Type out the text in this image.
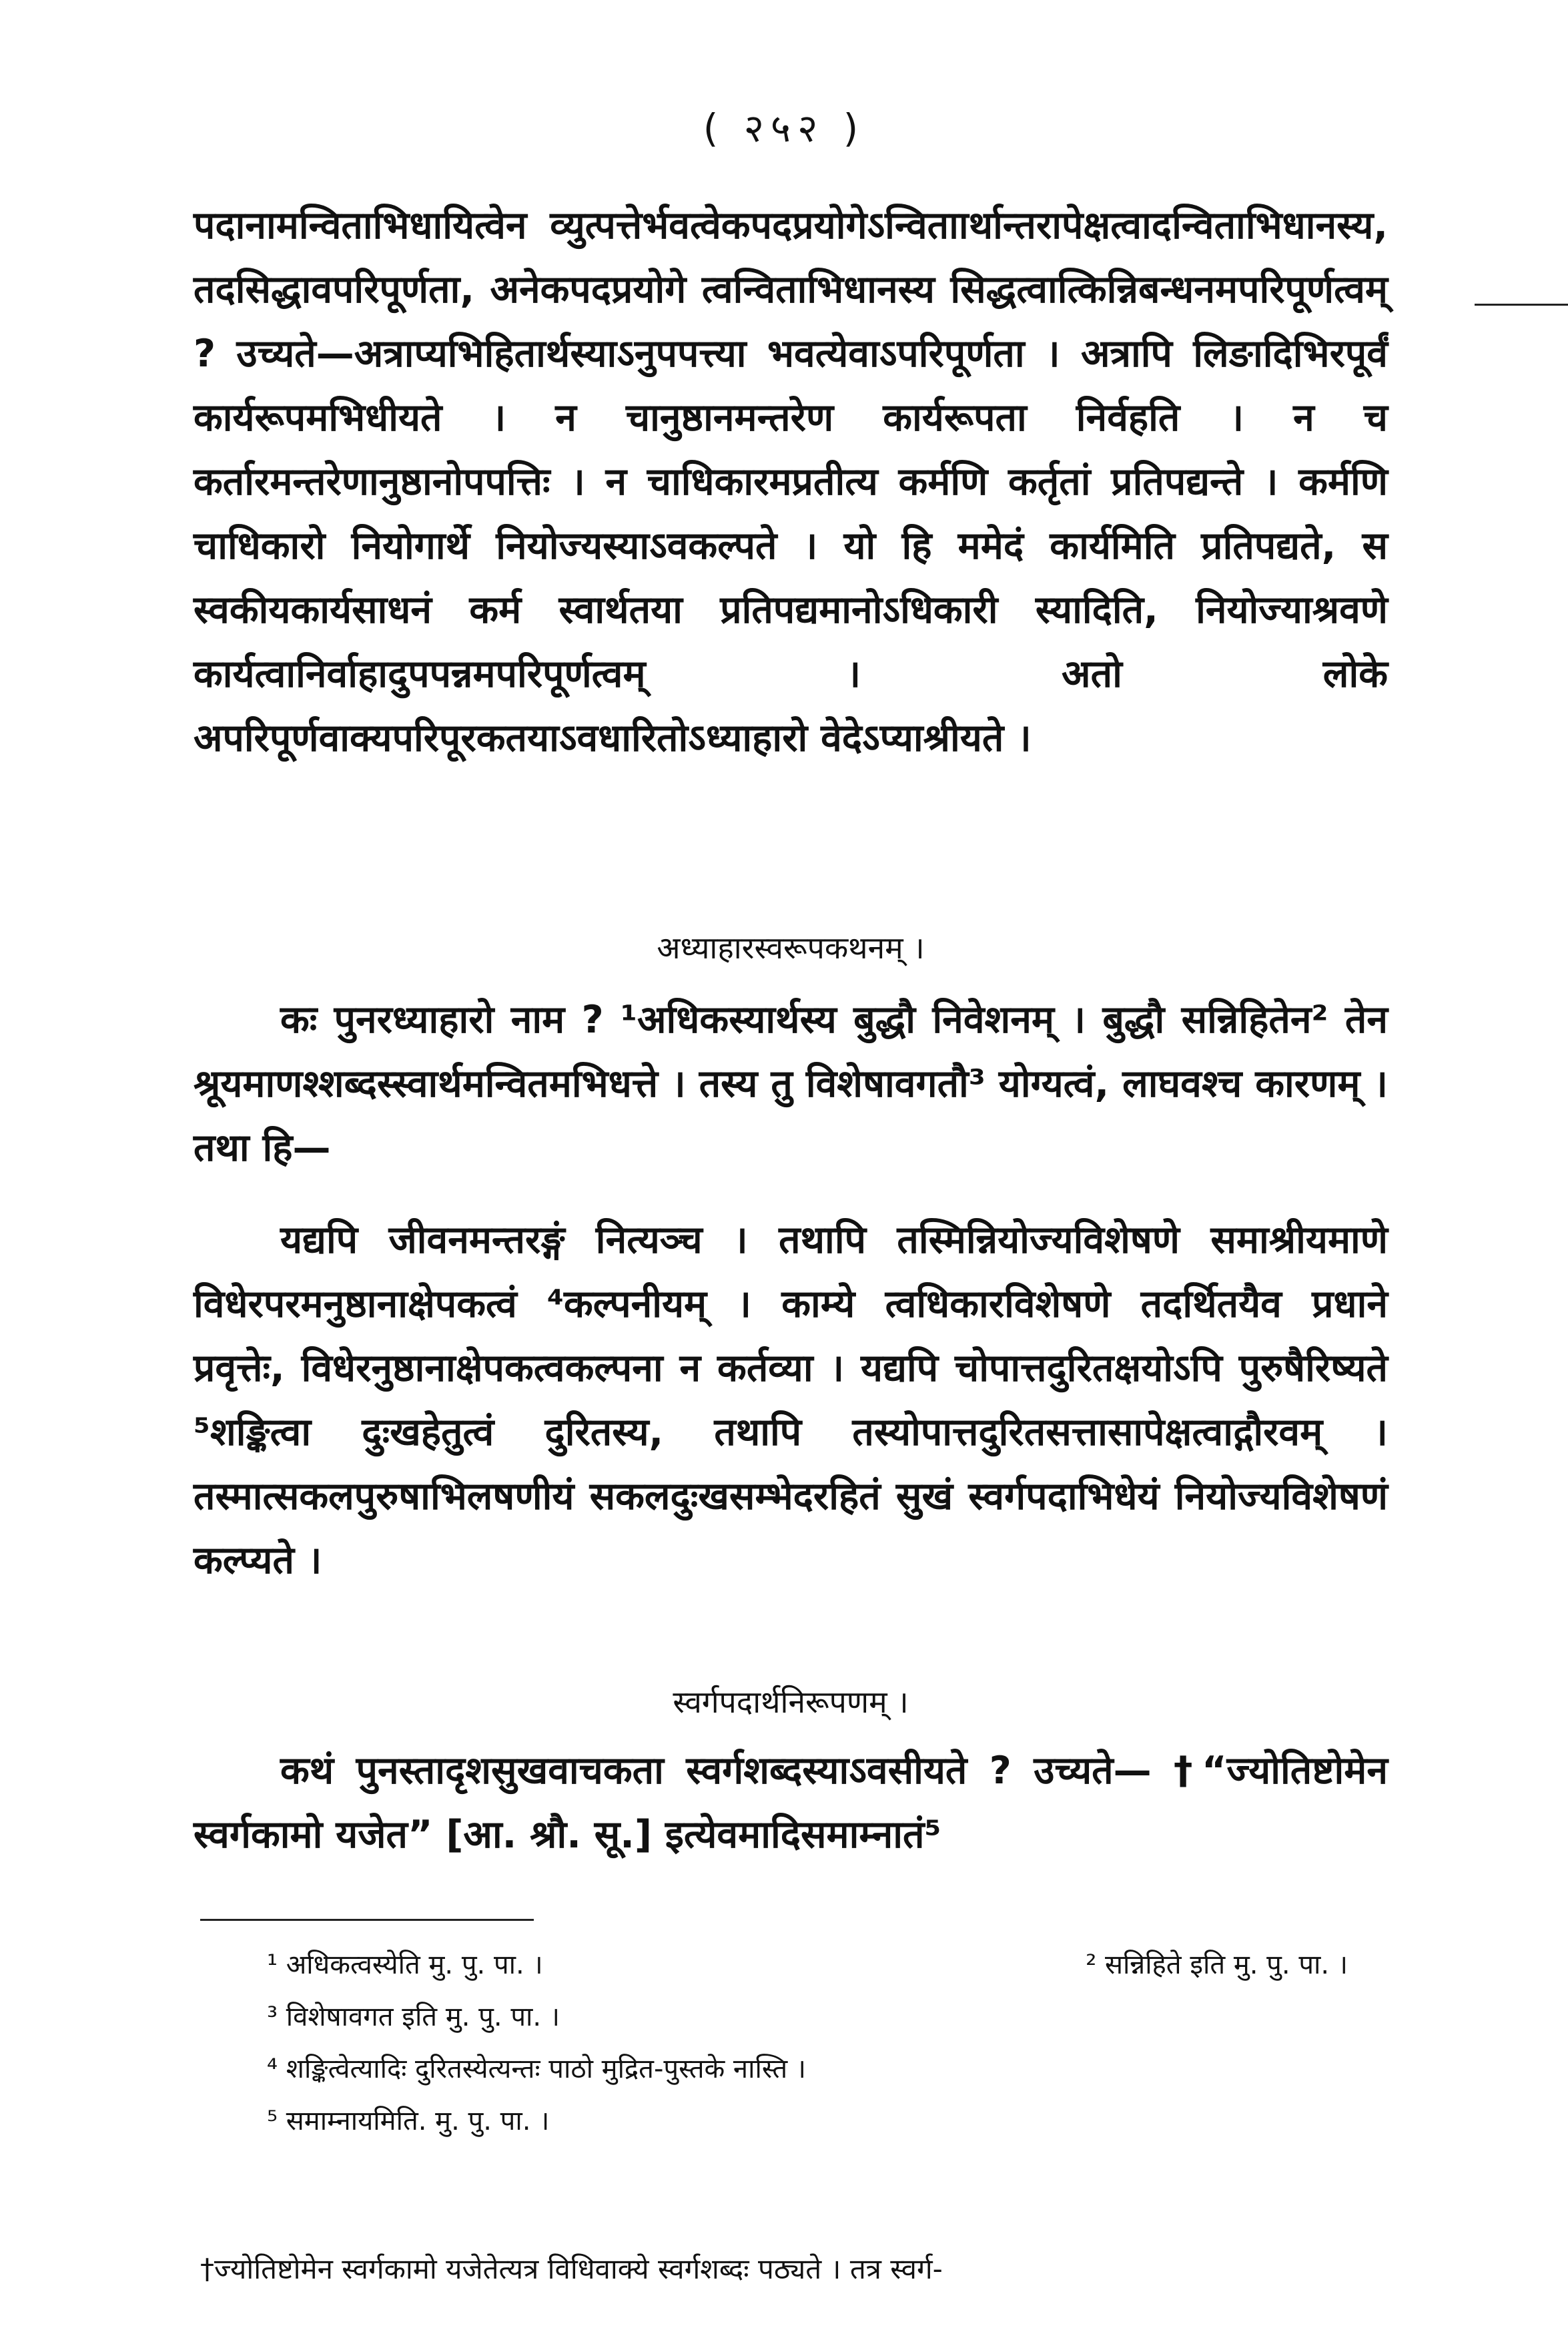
( २५२ )

पदानामन्विताभिधायित्वेन व्युत्पत्तेर्भवत्वेकपदप्रयोगेऽन्विताार्थान्तरापेक्षत्वादन्विताभिधानस्य, तदसिद्धावपरिपूर्णता, अनेकपदप्रयोगे त्वन्विताभिधानस्य सिद्धत्वात्किन्निबन्धनमपरिपूर्णत्वम् ? उच्यते—अत्राप्यभिहितार्थस्याऽनुपपत्त्या भवत्येवाऽपरिपूर्णता । अत्रापि लिङादिभिरपूर्वं कार्यरूपमभिधीयते । न चानुष्ठानमन्तरेण कार्यरूपता निर्वहति । न च कर्तारमन्तरेणानुष्ठानोपपत्तिः । न चाधिकारमप्रतीत्य कर्मणि कर्तृतां प्रतिपद्यन्ते । कर्मणि चाधिकारो नियोगार्थे नियोज्यस्याऽवकल्पते । यो हि ममेदं कार्यमिति प्रतिपद्यते, स स्वकीयकार्यसाधनं कर्म स्वार्थतया प्रतिपद्यमानोऽधिकारी स्यादिति, नियोज्याश्रवणे कार्यत्वानिर्वाहादुपपन्नमपरिपूर्णत्वम् । अतो लोके अपरिपूर्णवाक्यपरिपूरकतयाऽवधारितोऽध्याहारो वेदेऽप्याश्रीयते ।

अध्याहारस्वरूपकथनम् ।

कः पुनरध्याहारो नाम ? ¹अधिकस्यार्थस्य बुद्धौ निवेशनम् । बुद्धौ सन्निहितेन² तेन श्रूयमाणश्शब्दस्स्वार्थमन्वितमभिधत्ते । तस्य तु विशेषावगतौ³ योग्यत्वं, लाघवश्च कारणम् । तथा हि—

यद्यपि जीवनमन्तरङ्गं नित्यञ्च । तथापि तस्मिन्नियोज्यविशेषणे समाश्रीयमाणे विधेरपरमनुष्ठानाक्षेपकत्वं ⁴कल्पनीयम् । काम्ये त्वधिकारविशेषणे तदर्थितयैव प्रधाने प्रवृत्तेः, विधेरनुष्ठानाक्षेपकत्वकल्पना न कर्तव्या । यद्यपि चोपात्तदुरितक्षयोऽपि पुरुषैरिष्यते ⁵शङ्कित्वा दुःखहेतुत्वं दुरितस्य, तथापि तस्योपात्तदुरितसत्तासापेक्षत्वाद्गौरवम् । तस्मात्सकलपुरुषाभिलषणीयं सकलदुःखसम्भेदरहितं सुखं स्वर्गपदाभिधेयं नियोज्यविशेषणं कल्प्यते ।

स्वर्गपदार्थनिरूपणम् ।

कथं पुनस्तादृशसुखवाचकता स्वर्गशब्दस्याऽवसीयते ? उच्यते— †“ज्योतिष्टोमेन स्वर्गकामो यजेत” [आ. श्रौ. सू.] इत्येवमादिसमाम्नातं⁵

¹ अधिकत्वस्येति मु. पु. पा. ।	² सन्निहिते इति मु. पु. पा. ।
³ विशेषावगत इति मु. पु. पा. ।
⁴ शङ्कित्वेत्यादिः दुरितस्येत्यन्तः पाठो मुद्रित-पुस्तके नास्ति ।
⁵ समाम्नायमिति. मु. पु. पा. ।
†ज्योतिष्टोमेन स्वर्गकामो यजेतेत्यत्र विधिवाक्ये स्वर्गशब्दः पठ्यते । तत्र स्वर्ग-
